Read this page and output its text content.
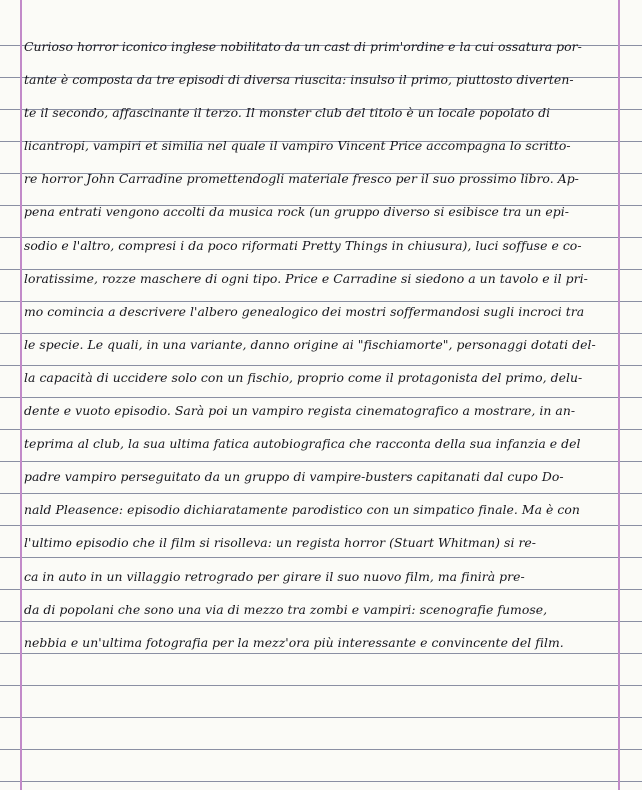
Curioso horror iconico inglese nobilitato da un cast di prim'ordine e la cui ossatura por-
tante è composta da tre episodi di diversa riuscita: insulso il primo, piuttosto diverten-
te il secondo, affascinante il terzo. Il monster club del titolo è un locale popolato di
licantropi, vampiri et similia nel quale il vampiro Vincent Price accompagna lo scritto-
re horror John Carradine promettendogli materiale fresco per il suo prossimo libro. Ap-
pena entrati vengono accolti da musica rock (un gruppo diverso si esibisce tra un epi-
sodio e l'altro, compresi i da poco riformati Pretty Things in chiusura), luci soffuse e co-
loratissime, rozze maschere di ogni tipo. Price e Carradine si siedono a un tavolo e il pri-
mo comincia a descrivere l'albero genealogico dei mostri soffermandosi sugli incroci tra
le specie. Le quali, in una variante, danno origine ai "fischiamorte", personaggi dotati del-
la capacità di uccidere solo con un fischio, proprio come il protagonista del primo, delu-
dente e vuoto episodio. Sarà poi un vampiro regista cinematografico a mostrare, in an-
teprima al club, la sua ultima fatica autobiografica che racconta della sua infanzia e del
padre vampiro perseguitato da un gruppo di vampire-busters capitanati dal cupo Do-
nald Pleasence: episodio dichiaratamente parodistico con un simpatico finale. Ma è con
l'ultimo episodio che il film si risolleva: un regista horror (Stuart Whitman) si re-
ca in auto in un villaggio retrogrado per girare il suo nuovo film, ma finirà pre-
da di popolani che sono una via di mezzo tra zombi e vampiri: scenografie fumose,
nebbia e un'ultima fotografia per la mezz'ora più interessante e convincente del film.
